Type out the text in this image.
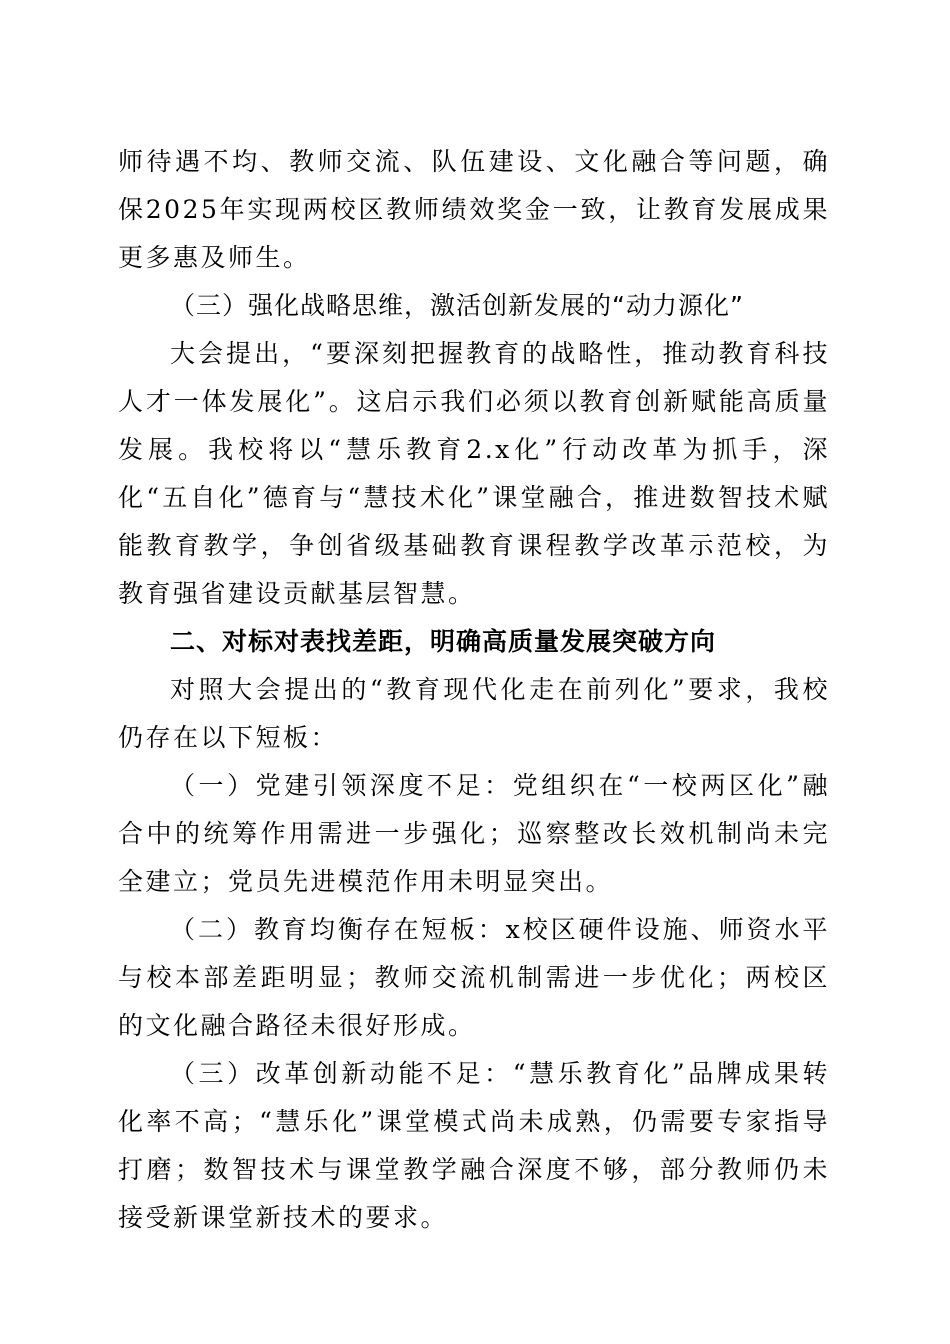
师待遇不均、教师交流、队伍建设、文化融合等问题，确保2025年实现两校区教师绩效奖金一致，让教育发展成果更多惠及师生。

（三）强化战略思维，激活创新发展的“动力源化”

大会提出，“要深刻把握教育的战略性，推动教育科技人才一体发展化”。这启示我们必须以教育创新赋能高质量发展。我校将以“慧乐教育2.x化”行动改革为抓手，深化“五自化”德育与“慧技术化”课堂融合，推进数智技术赋能教育教学，争创省级基础教育课程教学改革示范校，为教育强省建设贡献基层智慧。

二、对标对表找差距，明确高质量发展突破方向

对照大会提出的“教育现代化走在前列化”要求，我校仍存在以下短板：

（一）党建引领深度不足：党组织在“一校两区化”融合中的统筹作用需进一步强化；巡察整改长效机制尚未完全建立；党员先进模范作用未明显突出。

（二）教育均衡存在短板：x校区硬件设施、师资水平与校本部差距明显；教师交流机制需进一步优化；两校区的文化融合路径未很好形成。

（三）改革创新动能不足：“慧乐教育化”品牌成果转化率不高；“慧乐化”课堂模式尚未成熟，仍需要专家指导打磨；数智技术与课堂教学融合深度不够，部分教师仍未接受新课堂新技术的要求。
